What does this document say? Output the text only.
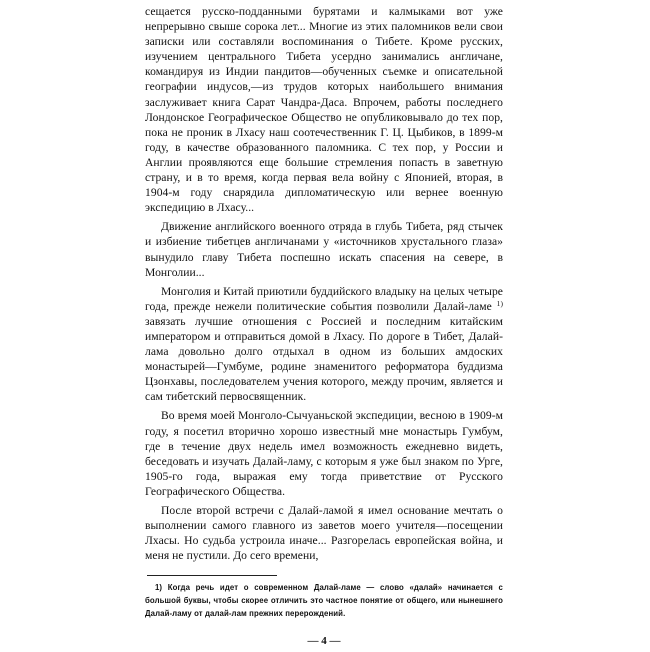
сещается русско-подданными бурятами и калмыками вот уже непрерывно свыше сорока лет... Многие из этих паломников вели свои записки или составляли воспоминания о Тибете. Кроме русских, изучением центрального Тибета усердно занимались англичане, командируя из Индии пандитов—обученных съемке и описательной географии индусов,—из трудов которых наибольшего внимания заслуживает книга Сарат Чандра-Даса. Впрочем, работы последнего Лондонское Географическое Общество не опубликовывало до тех пор, пока не проник в Лхасу наш соотечественник Г. Ц. Цыбиков, в 1899-м году, в качестве образованного паломника. С тех пор, у России и Англии проявляются еще большие стремления попасть в заветную страну, и в то время, когда первая вела войну с Японией, вторая, в 1904-м году снарядила дипломатическую или вернее военную экспедицию в Лхасу...

Движение английского военного отряда в глубь Тибета, ряд стычек и избиение тибетцев англичанами у «источников хрустального глаза» вынудило главу Тибета поспешно искать спасения на севере, в Монголии...

Монголия и Китай приютили буддийского владыку на целых четыре года, прежде нежели политические события позволили Далай-ламе $^{1)}$ завязать лучшие отношения с Россией и последним китайским императором и отправиться домой в Лхасу. По дороге в Тибет, Далай-лама довольно долго отдыхал в одном из больших амдоских монастырей—Гумбуме, родине знаменитого реформатора буддизма Цзонхавы, последователем учения которого, между прочим, является и сам тибетский первосвященник.

Во время моей Монголо-Сычуаньской экспедиции, весною в 1909-м году, я посетил вторично хорошо известный мне монастырь Гумбум, где в течение двух недель имел возможность ежедневно видеть, беседовать и изучать Далай-ламу, с которым я уже был знаком по Урге, 1905-го года, выражая ему тогда приветствие от Русского Географического Общества.

После второй встречи с Далай-ламой я имел основание мечтать о выполнении самого главного из заветов моего учителя—посещении Лхасы. Но судьба устроила иначе... Разгорелась европейская война, и меня не пустили. До сего времени,

1) Когда речь идет о современном Далай-ламе — слово «далай» начинается с большой буквы, чтобы скорее отличить это частное понятие от общего, или нынешнего Далай-ламу от далай-лам прежних перерождений.

— 4 —
